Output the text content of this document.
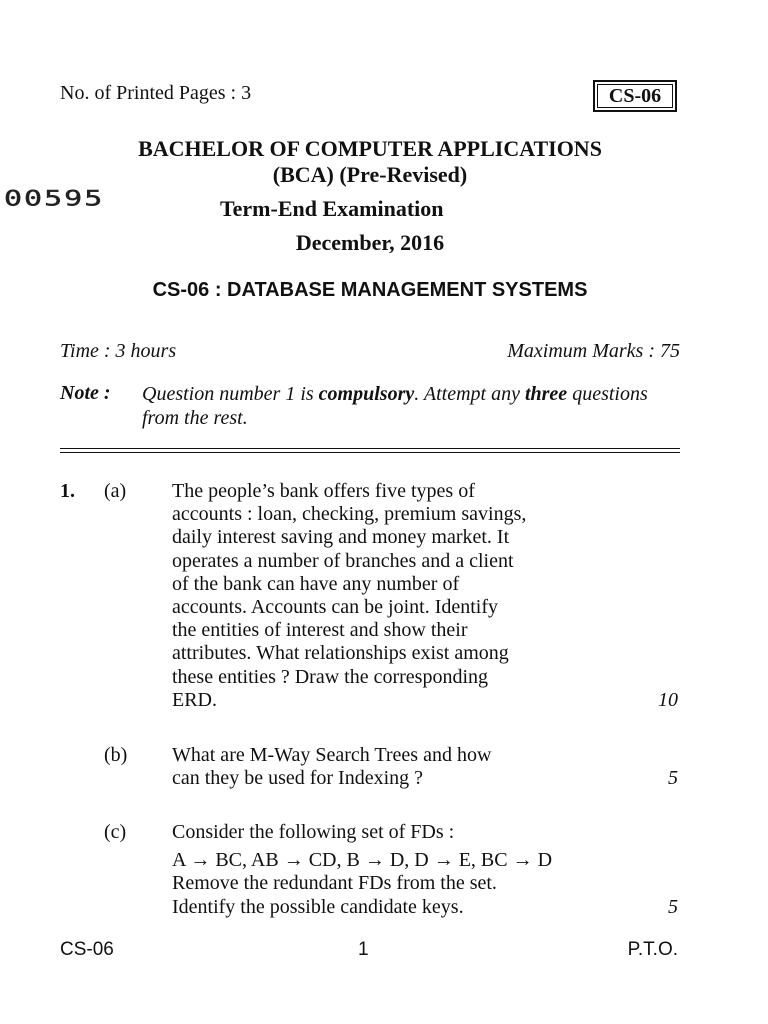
No. of Printed Pages : 3	CS-06
BACHELOR OF COMPUTER APPLICATIONS
(BCA) (Pre-Revised)
00595	Term-End Examination
December, 2016
CS-06 : DATABASE MANAGEMENT SYSTEMS
Time : 3 hours	Maximum Marks : 75
Note : Question number 1 is compulsory. Attempt any three questions from the rest.
1. (a) The people’s bank offers five types of
accounts : loan, checking, premium savings,
daily interest saving and money market. It
operates a number of branches and a client
of the bank can have any number of
accounts. Accounts can be joint. Identify
the entities of interest and show their
attributes. What relationships exist among
these entities ? Draw the corresponding
ERD.	10
(b) What are M-Way Search Trees and how
can they be used for Indexing ?	5
(c) Consider the following set of FDs :
A → BC, AB → CD, B → D, D → E, BC → D
Remove the redundant FDs from the set.
Identify the possible candidate keys.	5
CS-06	1	P.T.O.
